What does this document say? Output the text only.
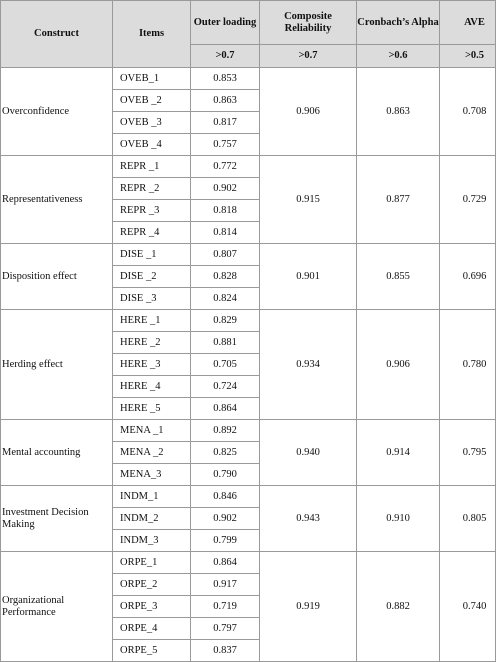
Construct	Items	Outer loading	Composite Reliability	Cronbach’s Alpha	AVE
		>0.7	>0.7	>0.6	>0.5
Overconfidence	OVEB_1	0.853	0.906	0.863	0.708
	OVEB _2	0.863			
	OVEB _3	0.817			
	OVEB _4	0.757			
Representativeness	REPR _1	0.772	0.915	0.877	0.729
	REPR _2	0.902			
	REPR _3	0.818			
	REPR _4	0.814			
Disposition effect	DISE _1	0.807	0.901	0.855	0.696
	DISE _2	0.828			
	DISE _3	0.824			
Herding effect	HERE _1	0.829	0.934	0.906	0.780
	HERE _2	0.881			
	HERE _3	0.705			
	HERE _4	0.724			
	HERE _5	0.864			
Mental accounting	MENA _1	0.892	0.940	0.914	0.795
	MENA _2	0.825			
	MENA_3	0.790			
Investment Decision Making	INDM_1	0.846	0.943	0.910	0.805
	INDM_2	0.902			
	INDM_3	0.799			
Organizational Performance	ORPE_1	0.864	0.919	0.882	0.740
	ORPE_2	0.917			
	ORPE_3	0.719			
	ORPE_4	0.797			
	ORPE_5	0.837			
